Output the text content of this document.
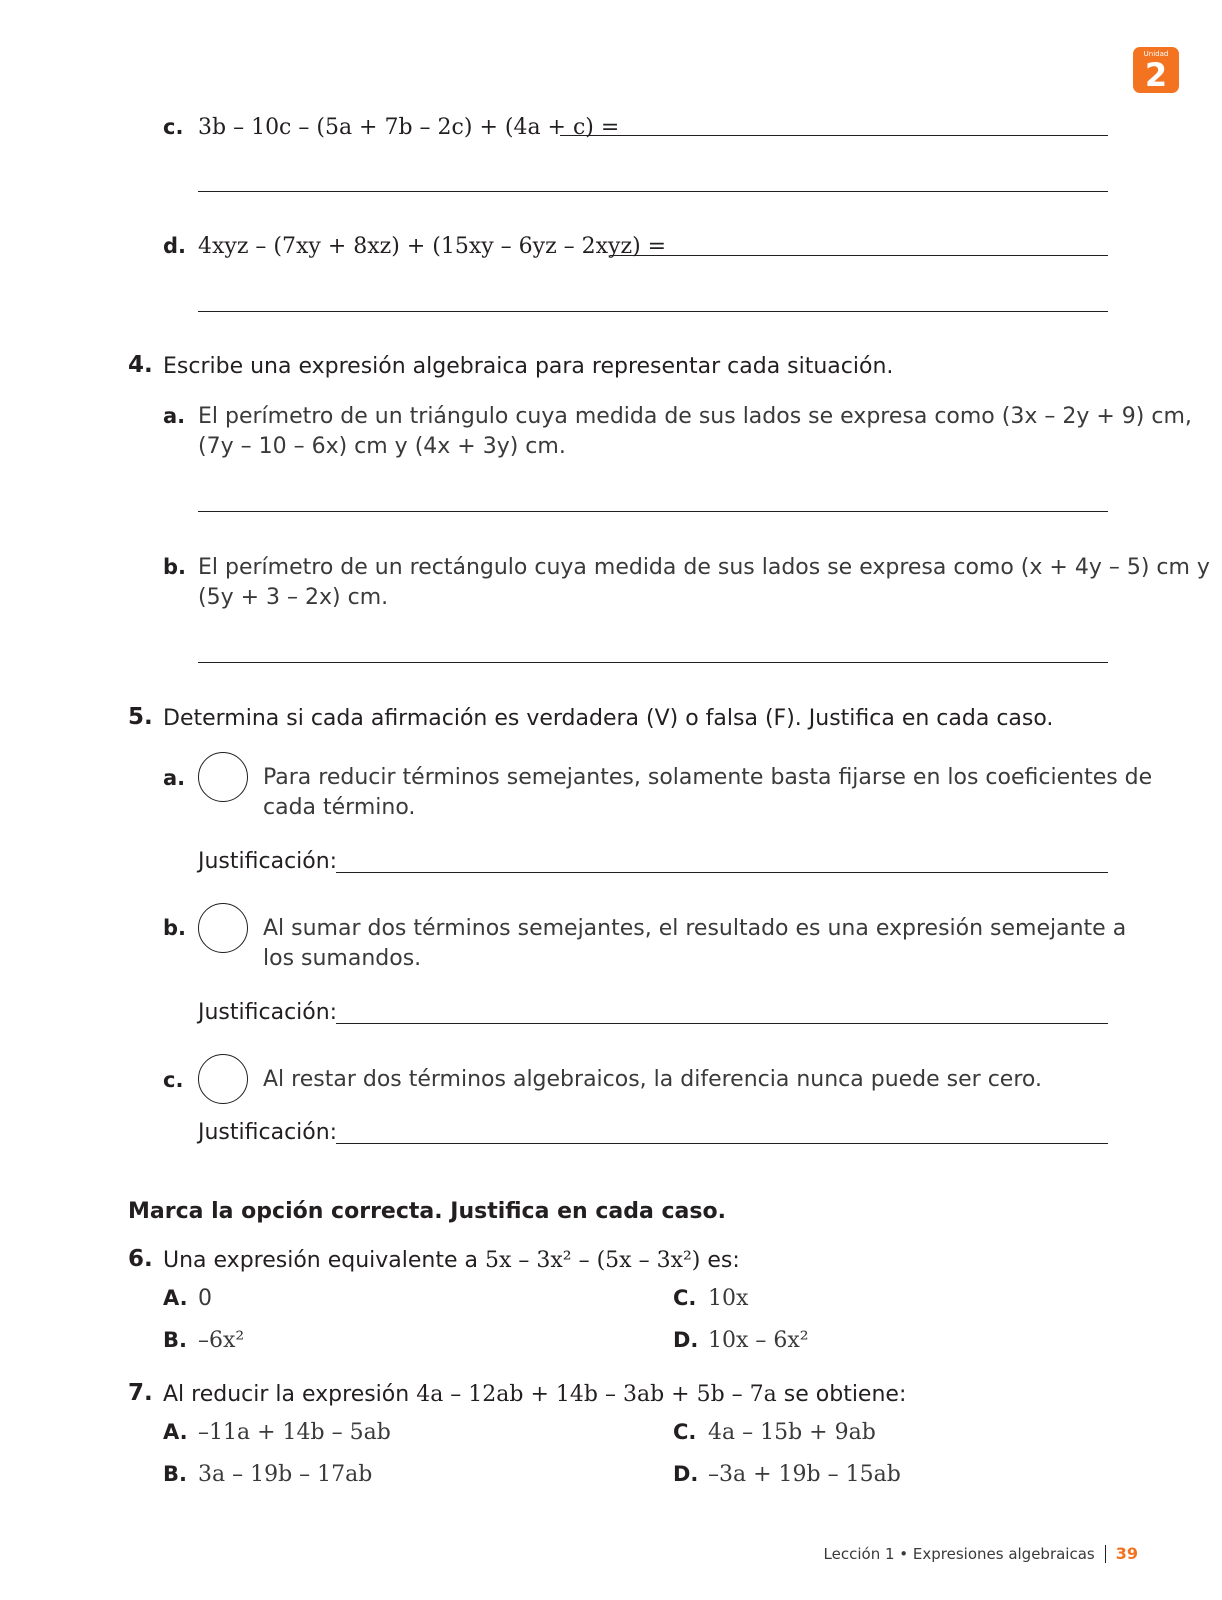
Unidad
2
c. 3b – 10c – (5a + 7b – 2c) + (4a + c) =
d. 4xyz – (7xy + 8xz) + (15xy – 6yz – 2xyz) =
4. Escribe una expresión algebraica para representar cada situación.
a. El perímetro de un triángulo cuya medida de sus lados se expresa como (3x – 2y + 9) cm,
(7y – 10 – 6x) cm y (4x + 3y) cm.
b. El perímetro de un rectángulo cuya medida de sus lados se expresa como (x + 4y – 5) cm y
(5y + 3 – 2x) cm.
5. Determina si cada afirmación es verdadera (V) o falsa (F). Justifica en cada caso.
a.	Para reducir términos semejantes, solamente basta fijarse en los coeficientes de
cada término.
Justificación:
b.	Al sumar dos términos semejantes, el resultado es una expresión semejante a
los sumandos.
Justificación:
c.	Al restar dos términos algebraicos, la diferencia nunca puede ser cero.
Justificación:
Marca la opción correcta. Justifica en cada caso.
6. Una expresión equivalente a 5x – 3x² – (5x – 3x²) es:
A. 0	C. 10x
B. –6x²	D. 10x – 6x²
7. Al reducir la expresión 4a – 12ab + 14b – 3ab + 5b – 7a se obtiene:
A. –11a + 14b – 5ab	C. 4a – 15b + 9ab
B. 3a – 19b – 17ab	D. –3a + 19b – 15ab
Lección 1 • Expresiones algebraicas 39
